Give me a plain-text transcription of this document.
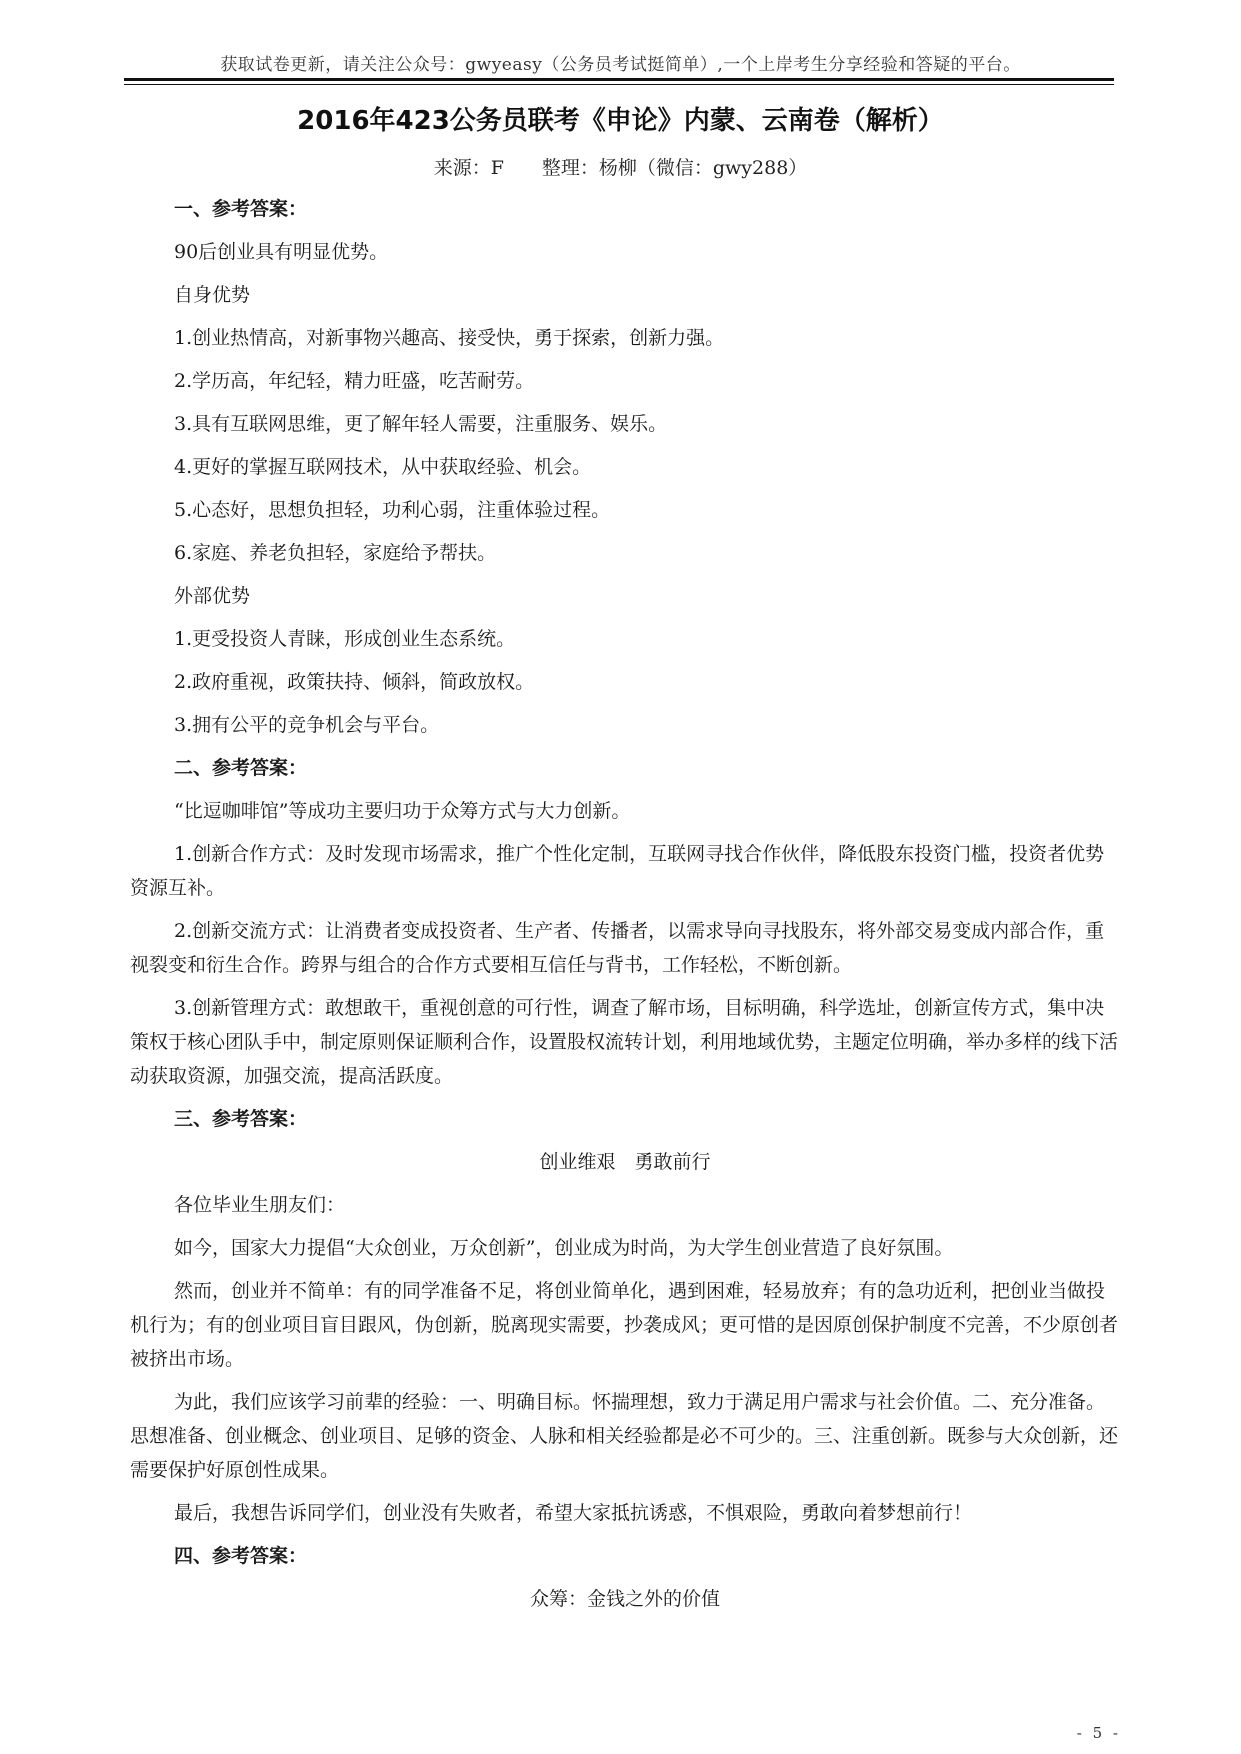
获取试卷更新，请关注公众号：gwyeasy（公务员考试挺简单）,一个上岸考生分享经验和答疑的平台。
2016年423公务员联考《申论》内蒙、云南卷（解析）
来源：F　　整理：杨柳（微信：gwy288）
一、参考答案：
90后创业具有明显优势。
自身优势
1.创业热情高，对新事物兴趣高、接受快，勇于探索，创新力强。
2.学历高，年纪轻，精力旺盛，吃苦耐劳。
3.具有互联网思维，更了解年轻人需要，注重服务、娱乐。
4.更好的掌握互联网技术，从中获取经验、机会。
5.心态好，思想负担轻，功利心弱，注重体验过程。
6.家庭、养老负担轻，家庭给予帮扶。
外部优势
1.更受投资人青睐，形成创业生态系统。
2.政府重视，政策扶持、倾斜，简政放权。
3.拥有公平的竞争机会与平台。
二、参考答案：
“比逗咖啡馆”等成功主要归功于众筹方式与大力创新。
1.创新合作方式：及时发现市场需求，推广个性化定制，互联网寻找合作伙伴，降低股东投资门槛，投资者优势资源互补。
2.创新交流方式：让消费者变成投资者、生产者、传播者，以需求导向寻找股东，将外部交易变成内部合作，重视裂变和衍生合作。跨界与组合的合作方式要相互信任与背书，工作轻松，不断创新。
3.创新管理方式：敢想敢干，重视创意的可行性，调查了解市场，目标明确，科学选址，创新宣传方式，集中决策权于核心团队手中，制定原则保证顺利合作，设置股权流转计划，利用地域优势，主题定位明确，举办多样的线下活动获取资源，加强交流，提高活跃度。
三、参考答案：
创业维艰　勇敢前行
各位毕业生朋友们：
如今，国家大力提倡“大众创业，万众创新”，创业成为时尚，为大学生创业营造了良好氛围。
然而，创业并不简单：有的同学准备不足，将创业简单化，遇到困难，轻易放弃；有的急功近利，把创业当做投机行为；有的创业项目盲目跟风，伪创新，脱离现实需要，抄袭成风；更可惜的是因原创保护制度不完善，不少原创者被挤出市场。
为此，我们应该学习前辈的经验：一、明确目标。怀揣理想，致力于满足用户需求与社会价值。二、充分准备。思想准备、创业概念、创业项目、足够的资金、人脉和相关经验都是必不可少的。三、注重创新。既参与大众创新，还需要保护好原创性成果。
最后，我想告诉同学们，创业没有失败者，希望大家抵抗诱惑，不惧艰险，勇敢向着梦想前行！
四、参考答案：
众筹：金钱之外的价值
- 5 -
